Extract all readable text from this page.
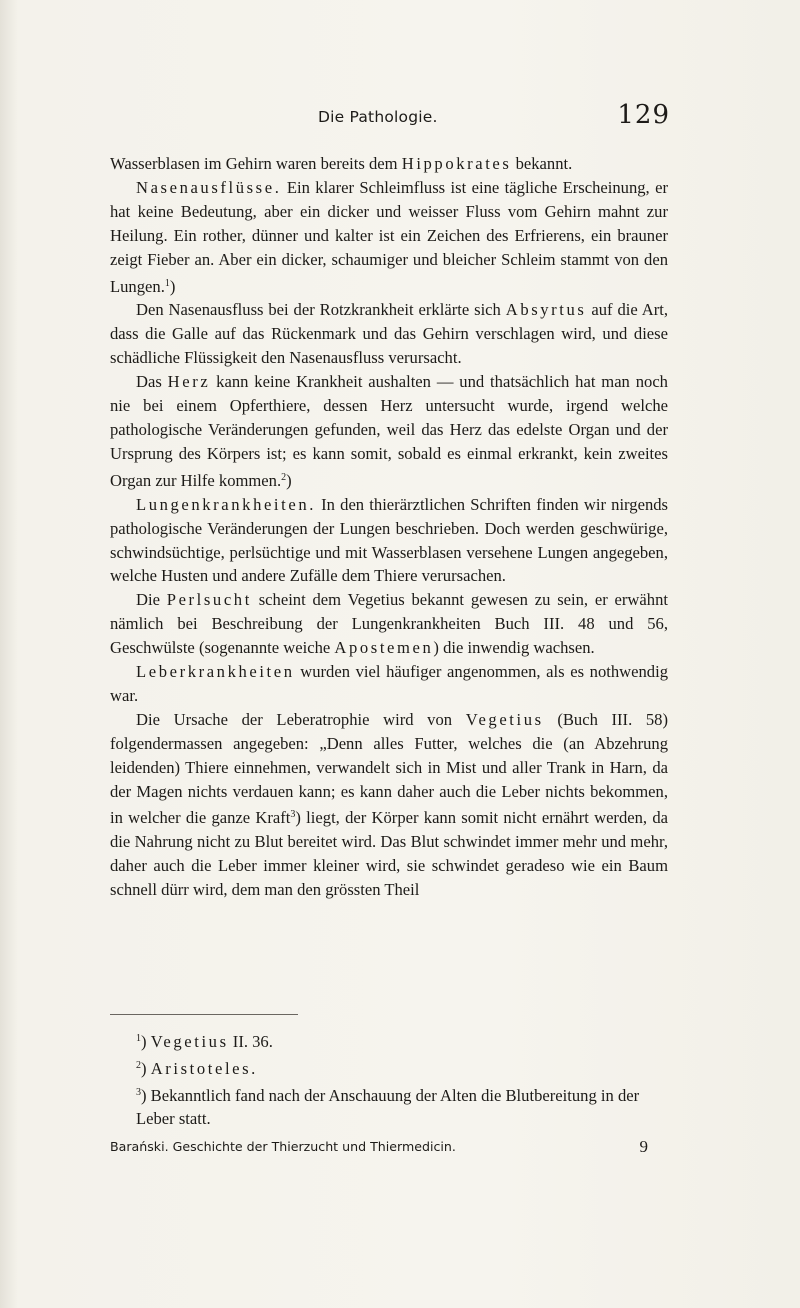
Die Pathologie.	129

Wasserblasen im Gehirn waren bereits dem Hippokrates bekannt.

Nasenausflüsse. Ein klarer Schleimfluss ist eine tägliche Erscheinung, er hat keine Bedeutung, aber ein dicker und weisser Fluss vom Gehirn mahnt zur Heilung. Ein rother, dünner und kalter ist ein Zeichen des Erfrierens, ein brauner zeigt Fieber an. Aber ein dicker, schaumiger und bleicher Schleim stammt von den Lungen.$^1$)

Den Nasenausfluss bei der Rotzkrankheit erklärte sich Absyrtus auf die Art, dass die Galle auf das Rückenmark und das Gehirn verschlagen wird, und diese schädliche Flüssigkeit den Nasenausfluss verursacht.

Das Herz kann keine Krankheit aushalten — und thatsächlich hat man noch nie bei einem Opferthiere, dessen Herz untersucht wurde, irgend welche pathologische Veränderungen gefunden, weil das Herz das edelste Organ und der Ursprung des Körpers ist; es kann somit, sobald es einmal erkrankt, kein zweites Organ zur Hilfe kommen.$^2$)

Lungenkrankheiten. In den thierärztlichen Schriften finden wir nirgends pathologische Veränderungen der Lungen beschrieben. Doch werden geschwürige, schwindsüchtige, perlsüchtige und mit Wasserblasen versehene Lungen angegeben, welche Husten und andere Zufälle dem Thiere verursachen.

Die Perlsucht scheint dem Vegetius bekannt gewesen zu sein, er erwähnt nämlich bei Beschreibung der Lungenkrankheiten Buch III. 48 und 56, Geschwülste (sogenannte weiche Apostemen) die inwendig wachsen.

Leberkrankheiten wurden viel häufiger angenommen, als es nothwendig war.

Die Ursache der Leberatrophie wird von Vegetius (Buch III. 58) folgendermassen angegeben: „Denn alles Futter, welches die (an Abzehrung leidenden) Thiere einnehmen, verwandelt sich in Mist und aller Trank in Harn, da der Magen nichts verdauen kann; es kann daher auch die Leber nichts bekommen, in welcher die ganze Kraft$^3$) liegt, der Körper kann somit nicht ernährt werden, da die Nahrung nicht zu Blut bereitet wird. Das Blut schwindet immer mehr und mehr, daher auch die Leber immer kleiner wird, sie schwindet geradeso wie ein Baum schnell dürr wird, dem man den grössten Theil

$^1$) Vegetius II. 36.

$^2$) Aristoteles.

$^3$) Bekanntlich fand nach der Anschauung der Alten die Blutbereitung in der Leber statt.

Barański. Geschichte der Thierzucht und Thiermedicin.	9
